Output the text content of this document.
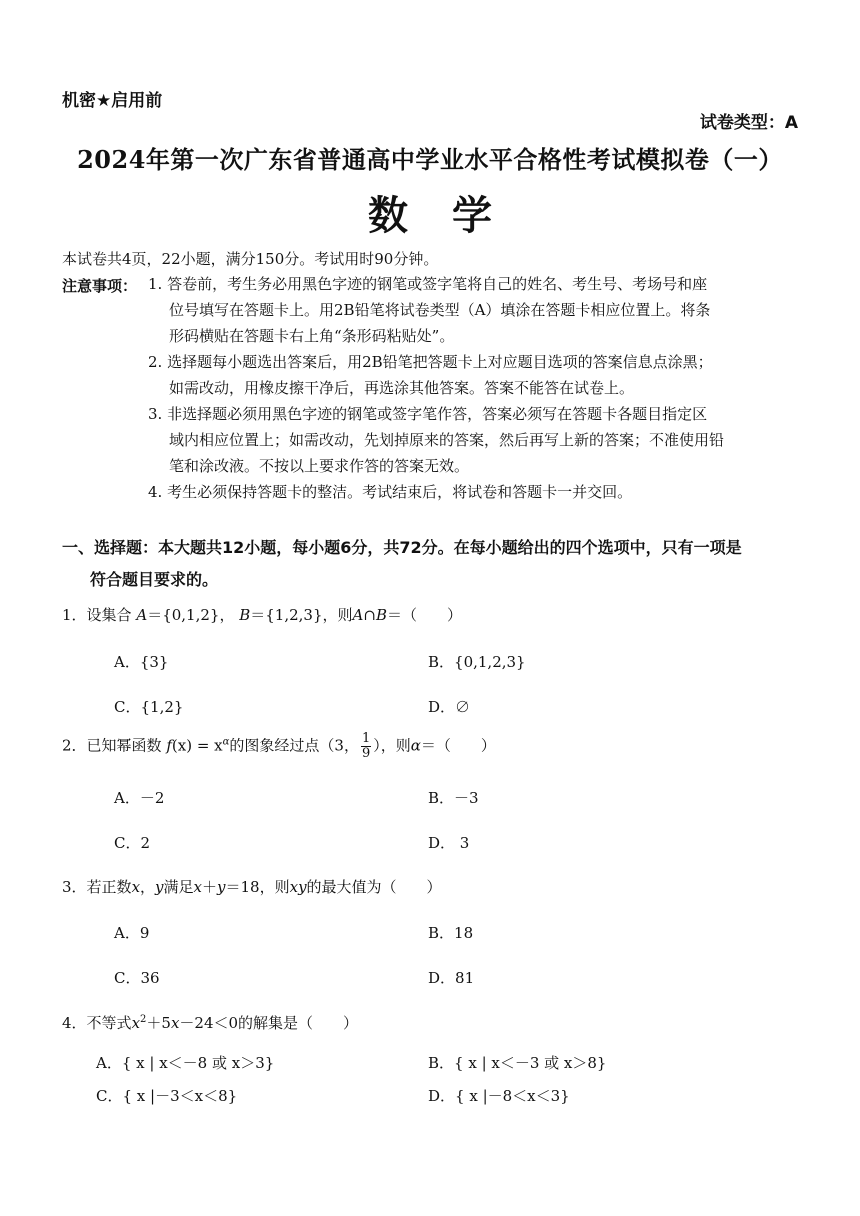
机密★启用前
试卷类型：A
2024年第一次广东省普通高中学业水平合格性考试模拟卷（一）
数学
本试卷共4页，22小题，满分150分。考试用时90分钟。
注意事项： 1. 答卷前，考生务必用黑色字迹的钢笔或签字笔将自己的姓名、考生号、考场号和座
位号填写在答题卡上。用2B铅笔将试卷类型（A）填涂在答题卡相应位置上。将条
形码横贴在答题卡右上角“条形码粘贴处”。
2. 选择题每小题选出答案后，用2B铅笔把答题卡上对应题目选项的答案信息点涂黑；
如需改动，用橡皮擦干净后，再选涂其他答案。答案不能答在试卷上。
3. 非选择题必须用黑色字迹的钢笔或签字笔作答，答案必须写在答题卡各题目指定区
域内相应位置上；如需改动，先划掉原来的答案，然后再写上新的答案；不准使用铅
笔和涂改液。不按以上要求作答的答案无效。
4. 考生必须保持答题卡的整洁。考试结束后，将试卷和答题卡一并交回。
一、选择题：本大题共12小题，每小题6分，共72分。在每小题给出的四个选项中，只有一项是
符合题目要求的。
1．设集合 A＝{0,1,2}， B＝{1,2,3}，则A∩B＝（　　）
A．{3}	B．{0,1,2,3}
C．{1,2}	D．∅
2．已知幂函数 $f(x) = x^\alpha$的图象经过点（3， $\frac{1}{9}$ ），则α＝（　　）
A．－2	B．－3
C．2	D． 3
3．若正数x，y满足x＋y＝18，则xy的最大值为（　　）
A．9	B．18
C．36	D．81
4．不等式$x^2+5x-24<0$的解集是（　　）
A．{ x | x＜－8 或 x＞3}	B．{ x | x＜－3 或 x＞8}
C．{ x |－3＜x＜8}	D．{ x |－8＜x＜3}
